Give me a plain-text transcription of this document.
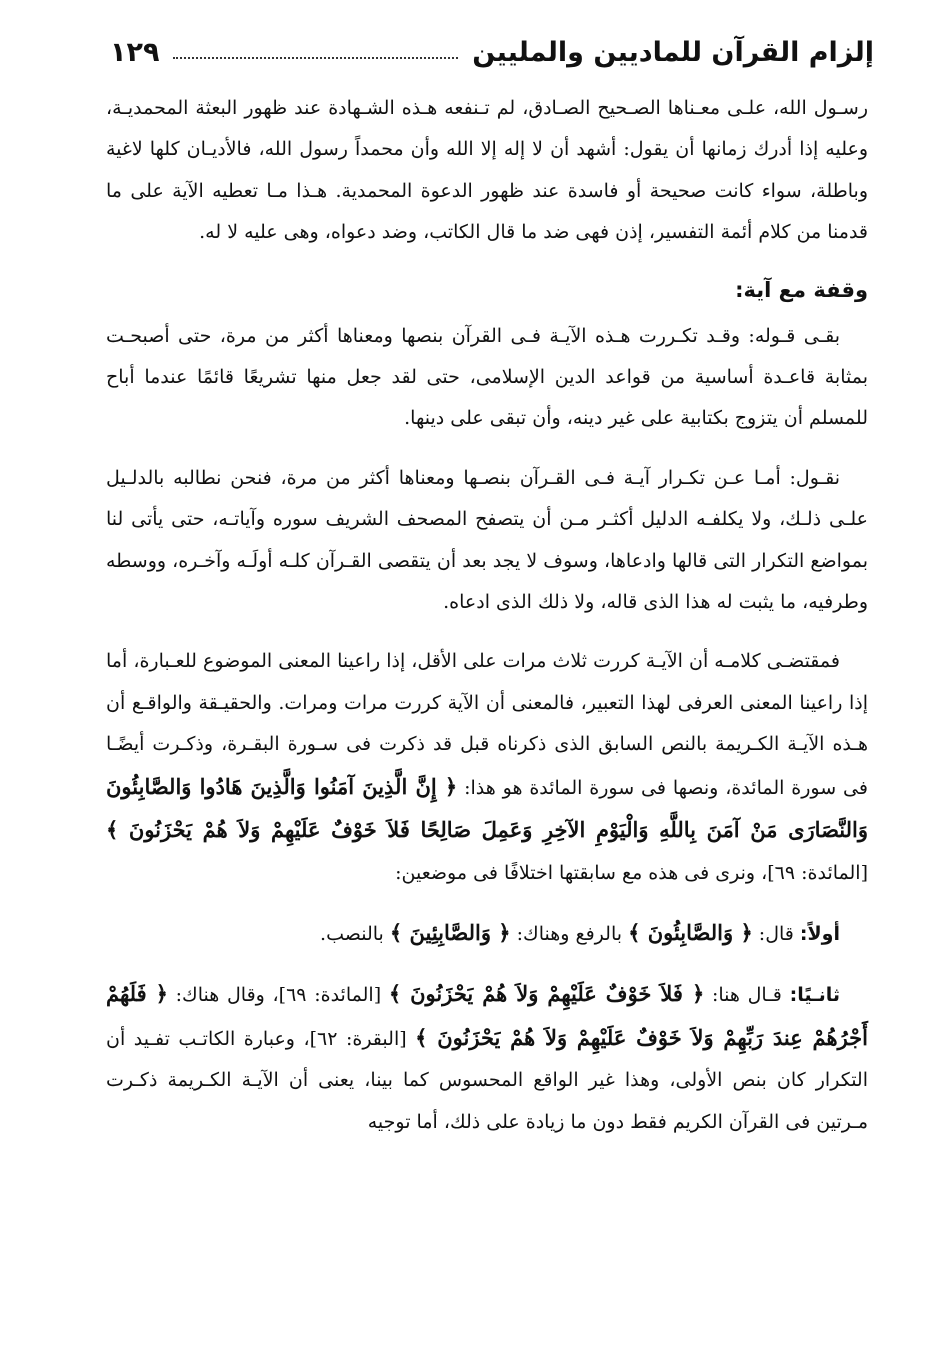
إلزام القرآن للماديين والمليين
١٢٩

رسـول الله، علـى معـناها الصـحيح الصـادق، لم تـنفعه هـذه الشـهادة عند ظهور البعثة المحمديـة، وعليه إذا أدرك زمانها أن يقول: أشهد أن لا إله إلا الله وأن محمداً رسول الله، فالأديـان كلها لاغية وباطلة، سواء كانت صحيحة أو فاسدة عند ظهور الدعوة المحمدية. هـذا مـا تعطيه الآية على ما قدمنا من كلام أئمة التفسير، إذن فهى ضد ما قال الكاتب، وضد دعواه، وهى عليه لا له.

وقفة مع آية:

بقـى قـوله: وقـد تكـررت هـذه الآيـة فـى القرآن بنصها ومعناها أكثر من مرة، حتى أصبحـت بمثابة قاعـدة أساسية من قواعد الدين الإسلامى، حتى لقد جعل منها تشريعًا قائمًا عندما أباح للمسلم أن يتزوج بكتابية على غير دينه، وأن تبقى على دينها.

نقـول: أمـا عـن تكـرار آيـة فـى القـرآن بنصـها ومعناها أكثر من مرة، فنحن نطالبه بالدلـيل علـى ذلـك، ولا يكلفـه الدليل أكثـر مـن أن يتصفح المصحف الشريف سوره وآياتـه، حتى يأتى لنا بمواضع التكرار التى قالها وادعاها، وسوف لا يجد بعد أن يتقصى القـرآن كلـه أولَـه وآخـره، ووسطه وطرفيه، ما يثبت له هذا الذى قاله، ولا ذلك الذى ادعاه.

فمقتضـى كلامـه أن الآيـة كررت ثلاث مرات على الأقل، إذا راعينا المعنى الموضوع للعـبارة، أما إذا راعينا المعنى العرفى لهذا التعبير، فالمعنى أن الآية كررت مرات ومرات. والحقيـقة والواقـع أن هـذه الآيـة الكـريمة بالنص السابق الذى ذكرناه قبل قد ذكرت فى سـورة البقـرة، وذكـرت أيضًـا فى سورة المائدة، ونصها فى سورة المائدة هو هذا: ﴿ إِنَّ الَّذِينَ آمَنُوا وَالَّذِينَ هَادُوا وَالصَّابِئُونَ وَالنَّصَارَى مَنْ آمَنَ بِاللَّهِ وَالْيَوْمِ الآخِرِ وَعَمِلَ صَالِحًا فَلاَ خَوْفٌ عَلَيْهِمْ وَلاَ هُمْ يَحْزَنُونَ ﴾ [المائدة: ٦٩]، ونرى فى هذه مع سابقتها اختلافًا فى موضعين:

أولاً: قال: ﴿ وَالصَّابِئُونَ ﴾ بالرفع وهناك: ﴿ وَالصَّابِئِينَ ﴾ بالنصب.

ثانـيًا: قـال هنا: ﴿ فَلاَ خَوْفٌ عَلَيْهِمْ وَلاَ هُمْ يَحْزَنُونَ ﴾ [المائدة: ٦٩]، وقال هناك: ﴿ فَلَهُمْ أَجْرُهُمْ عِندَ رَبِّهِمْ وَلاَ خَوْفٌ عَلَيْهِمْ وَلاَ هُمْ يَحْزَنُونَ ﴾ [البقرة: ٦٢]، وعبارة الكاتـب تفـيد أن التكرار كان بنص الأولى، وهذا غير الواقع المحسوس كما بينا، يعنى أن الآيـة الكـريمة ذكـرت مـرتين فى القرآن الكريم فقط دون ما زيادة على ذلك، أما توجيه
